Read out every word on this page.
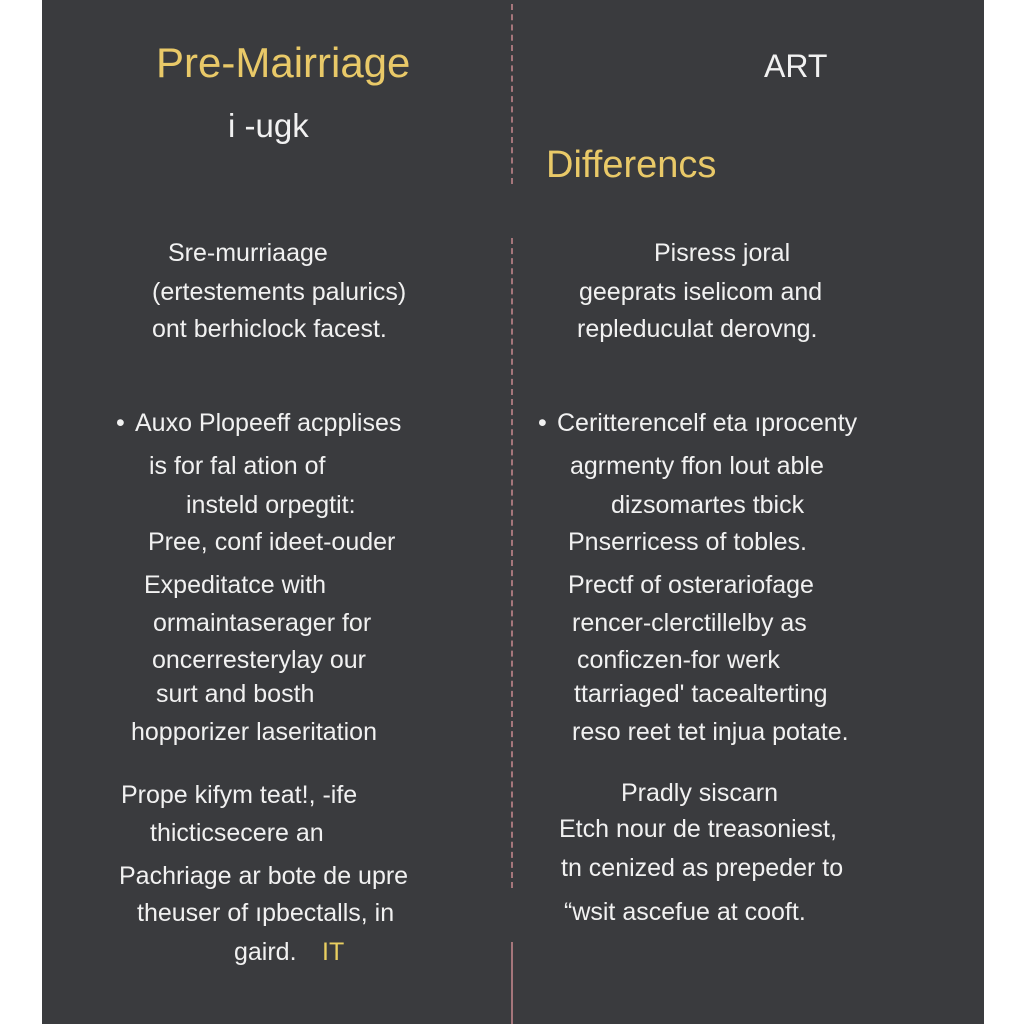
Pre-Mairriage
i -ugk
Sre-murriaage
(ertestements palurics)
ont berhiclock facest.
• Auxo Plopeeff acpplises
is for fal ation of
insteld orpegtit:
Pree, conf ideet-ouder
Expeditatce with
ormaintaserager for
oncerresterylay our
surt and bosth
hopporizer laseritation
Prope kifym teat!, -ife
thicticsecere an
Pachriage ar bote de upre
theuser of ıpbectalls, in
gaird. IT
ART
Differencs
Pisress joral
geeprats iselicom and
repleduculat derovng.
• Ceritterencelf eta ıprocenty
agrmenty ffon lout able
dizsomartes tbick
Pnserricess of tobles.
Prectf of osterariofage
rencer-clerctillelby as
conficzen-for werk
ttarriaged' tacealterting
reso reet tet injua potate.
Pradly siscarn
Etch nour de treasoniest,
tn cenized as prepeder to
“wsit ascefue at cooft.
